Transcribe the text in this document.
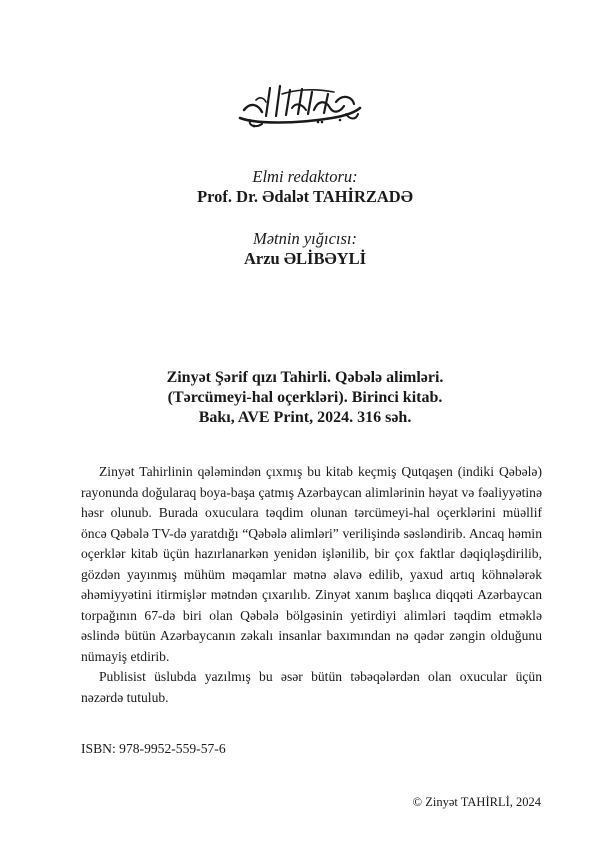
Elmi redaktoru:
Prof. Dr. Ədalət TAHİRZADƏ
Mətnin yığıcısı:
Arzu ƏLİBƏYLİ
Zinyət Şərif qızı Tahirli. Qəbələ alimləri.
(Tərcümeyi-hal oçerkləri). Birinci kitab.
Bakı, AVE Print, 2024. 316 səh.

Zinyət Tahirlinin qələmindən çıxmış bu kitab keçmiş Qutqaşen (indiki Qəbələ) rayonunda doğularaq boya-başa çatmış Azərbaycan alimlərinin həyat və fəaliyyətinə həsr olunub. Burada oxuculara təqdim olunan tərcümeyi-hal oçerklərini müəllif öncə Qəbələ TV-də yaratdığı “Qəbələ alimləri” verilişində səsləndirib. Ancaq həmin oçerklər kitab üçün hazırlanarkən yenidən işlənilib, bir çox faktlar dəqiqləşdirilib, gözdən yayınmış mühüm məqamlar mətnə əlavə edilib, yaxud artıq köhnələrək əhəmiyyətini itirmişlər mətndən çıxarılıb. Zinyət xanım başlıca diqqəti Azərbaycan torpağının 67-də biri olan Qəbələ bölgəsinin yetirdiyi alimləri təqdim etməklə əslində bütün Azərbaycanın zəkalı insanlar baxımından nə qədər zəngin olduğunu nümayiş etdirib.

Publisist üslubda yazılmış bu əsər bütün təbəqələrdən olan oxucular üçün nəzərdə tutulub.

ISBN: 978-9952-559-57-6
© Zinyət TAHİRLİ, 2024
